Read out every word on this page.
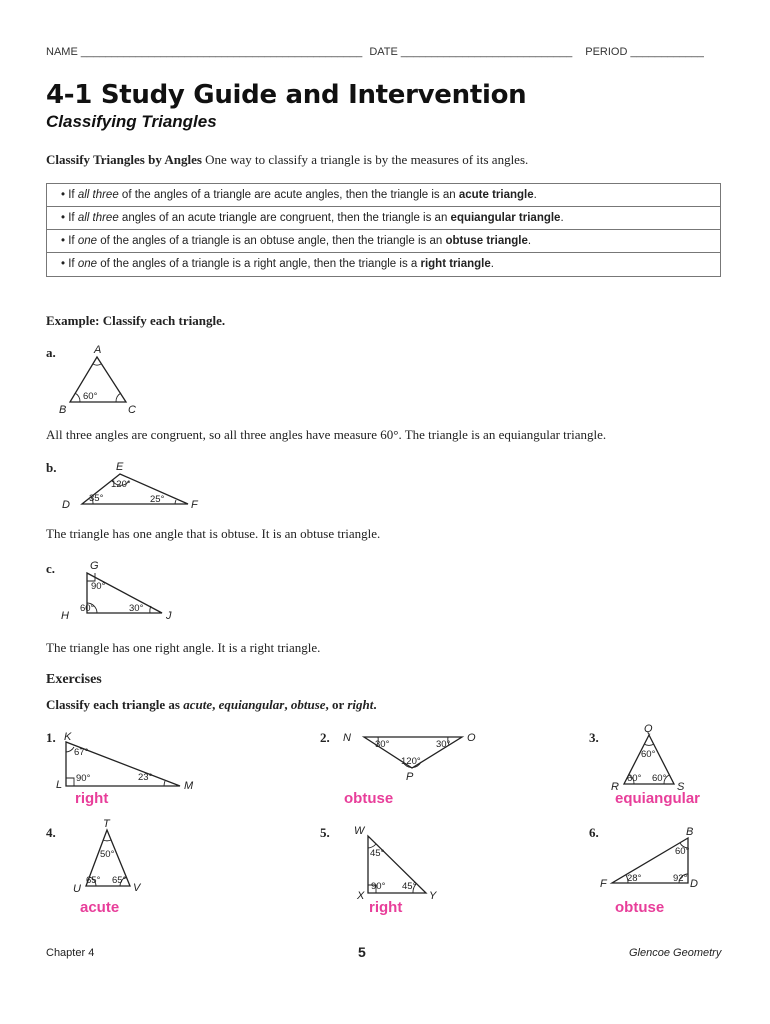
NAME ______________________________________________ DATE ____________________________ PERIOD ____________
4-1 Study Guide and Intervention
Classifying Triangles
Classify Triangles by Angles One way to classify a triangle is by the measures of its angles.
• If all three of the angles of a triangle are acute angles, then the triangle is an acute triangle.
• If all three angles of an acute triangle are congruent, then the triangle is an equiangular triangle.
• If one of the angles of a triangle is an obtuse angle, then the triangle is an obtuse triangle.
• If one of the angles of a triangle is a right angle, then the triangle is a right triangle.
Example: Classify each triangle.
a.	A
B	C
60°
All three angles are congruent, so all three angles have measure 60°. The triangle is an equiangular triangle.
b.	E
D	F
120°
35°	25°
The triangle has one angle that is obtuse. It is an obtuse triangle.
c.	G
H	J
90°
60°	30°
The triangle has one right angle. It is a right triangle.
Exercises
Classify each triangle as acute, equiangular, obtuse, or right.
1. K
L	M
67°
90°	23°
right
2. N	O
P
30°	30°
120°
obtuse
3.
Q
R	S
60°
60° 60°
equiangular
4.
T
U	V
50°
65° 65°
acute
5. W
X	Y
45°
90° 45°
right
6.	B
F	D
60°
28°	92°
obtuse
Chapter 4	5	Glencoe Geometry
